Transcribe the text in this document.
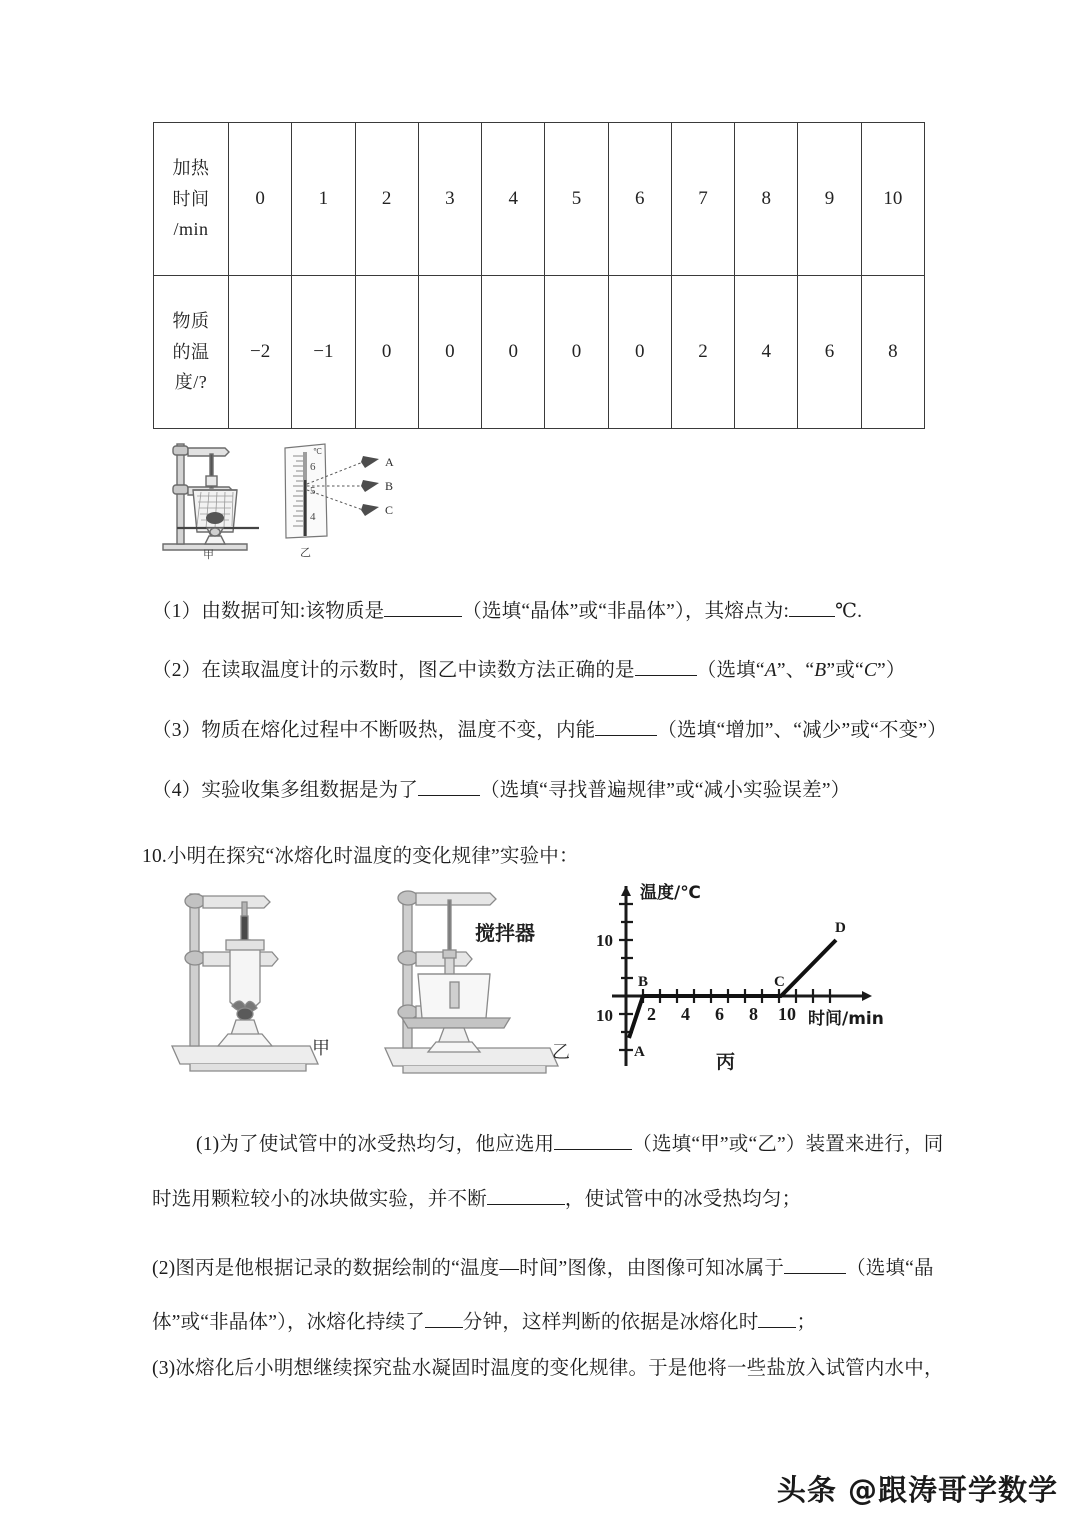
加热
时间
/min	0	1	2	3	4	5	6	7	8	9	10

物质
的温
度/?	−2	−1	0	0	0	0	0	2	4	6	8
甲
6
5
4
℃
A
B
C
乙
（1）由数据可知:该物质是	（选填“晶体”或“非晶体”），其熔点为: ℃.
（2）在读取温度计的示数时，图乙中读数方法正确的是	（选填“A”、“B”或“C”）
（3）物质在熔化过程中不断吸热，温度不变，内能	（选填“增加”、“减少”或“不变”）
（4）实验收集多组数据是为了	（选填“寻找普遍规律”或“减小实验误差”）
10.小明在探究“冰熔化时温度的变化规律”实验中：
甲
搅拌器
乙
温度/℃
时间/min
10
10 2 4 6 8 10
A
B	C
D
丙
(1)为了使试管中的冰受热均匀，他应选用	（选填“甲”或“乙”）装置来进行，同
时选用颗粒较小的冰块做实验，并不断	，使试管中的冰受热均匀；
(2)图丙是他根据记录的数据绘制的“温度—时间”图像，由图像可知冰属于	（选填“晶
体”或“非晶体”），冰熔化持续了 分钟，这样判断的依据是冰熔化时 ；
(3)冰熔化后小明想继续探究盐水凝固时温度的变化规律。于是他将一些盐放入试管内水中，
头条 @跟涛哥学数学
